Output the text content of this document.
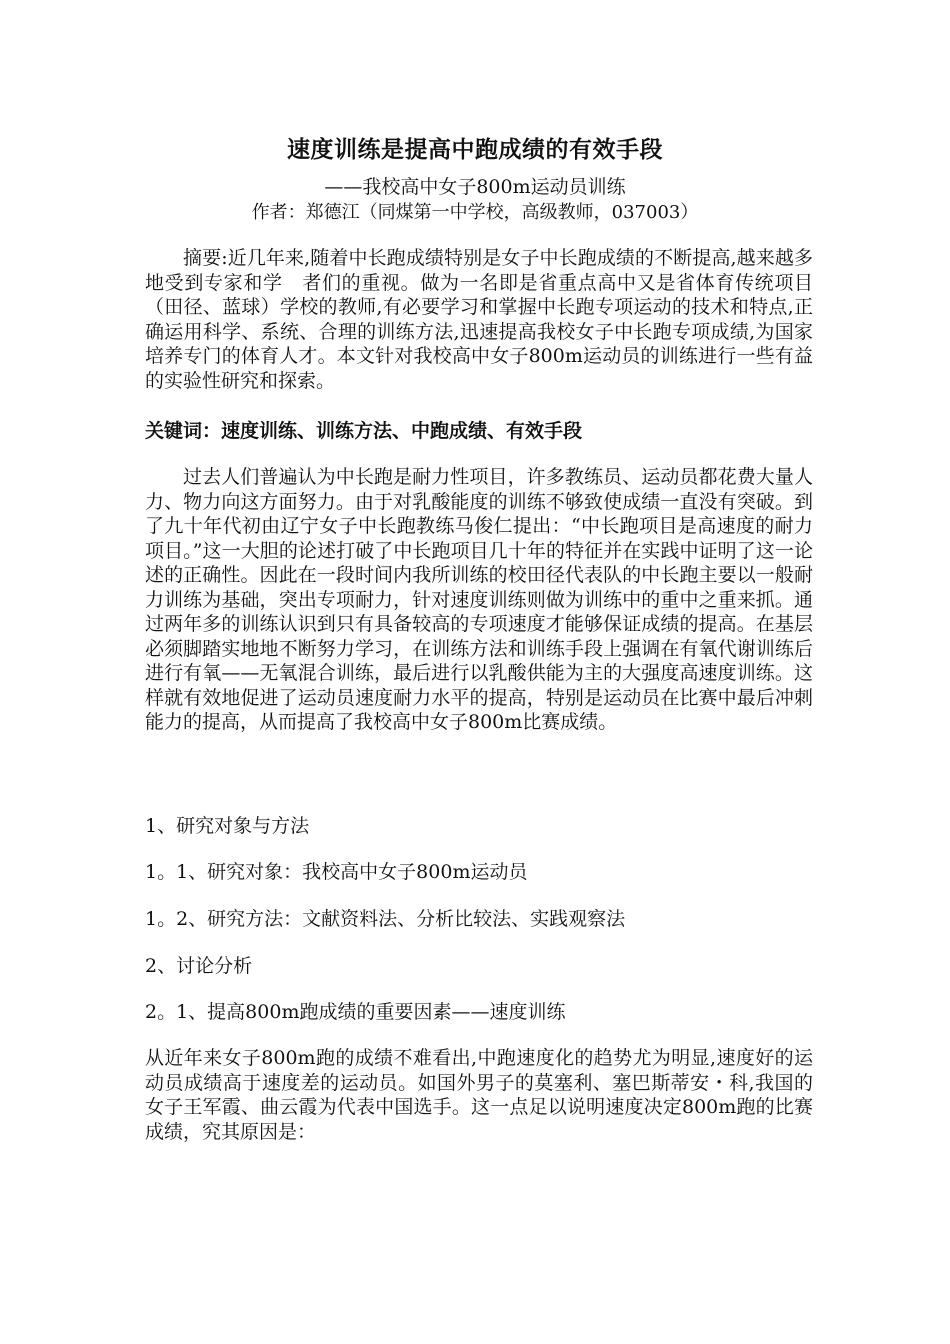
速度训练是提高中跑成绩的有效手段
——我校高中女子800m运动员训练
作者：郑德江（同煤第一中学校，高级教师，037003）

摘要:近几年来,随着中长跑成绩特别是女子中长跑成绩的不断提高,越来越多地受到专家和学　者们的重视。做为一名即是省重点高中又是省体育传统项目（田径、蓝球）学校的教师,有必要学习和掌握中长跑专项运动的技术和特点,正确运用科学、系统、合理的训练方法,迅速提高我校女子中长跑专项成绩,为国家培养专门的体育人才。本文针对我校高中女子800m运动员的训练进行一些有益的实验性研究和探索。

关键词：速度训练、训练方法、中跑成绩、有效手段

过去人们普遍认为中长跑是耐力性项目，许多教练员、运动员都花费大量人力、物力向这方面努力。由于对乳酸能度的训练不够致使成绩一直没有突破。到了九十年代初由辽宁女子中长跑教练马俊仁提出：“中长跑项目是高速度的耐力项目。”这一大胆的论述打破了中长跑项目几十年的特征并在实践中证明了这一论述的正确性。因此在一段时间内我所训练的校田径代表队的中长跑主要以一般耐力训练为基础，突出专项耐力，针对速度训练则做为训练中的重中之重来抓。通过两年多的训练认识到只有具备较高的专项速度才能够保证成绩的提高。在基层必须脚踏实地地不断努力学习，在训练方法和训练手段上强调在有氧代谢训练后进行有氧——无氧混合训练，最后进行以乳酸供能为主的大强度高速度训练。这样就有效地促进了运动员速度耐力水平的提高，特别是运动员在比赛中最后冲刺能力的提高，从而提高了我校高中女子800m比赛成绩。

1、研究对象与方法
1。1、研究对象：我校高中女子800m运动员
1。2、研究方法：文献资料法、分析比较法、实践观察法
2、讨论分析
2。1、提高800m跑成绩的重要因素——速度训练

从近年来女子800m跑的成绩不难看出,中跑速度化的趋势尤为明显,速度好的运动员成绩高于速度差的运动员。如国外男子的莫塞利、塞巴斯蒂安・科,我国的女子王军霞、曲云霞为代表中国选手。这一点足以说明速度决定800m跑的比赛成绩，究其原因是：
